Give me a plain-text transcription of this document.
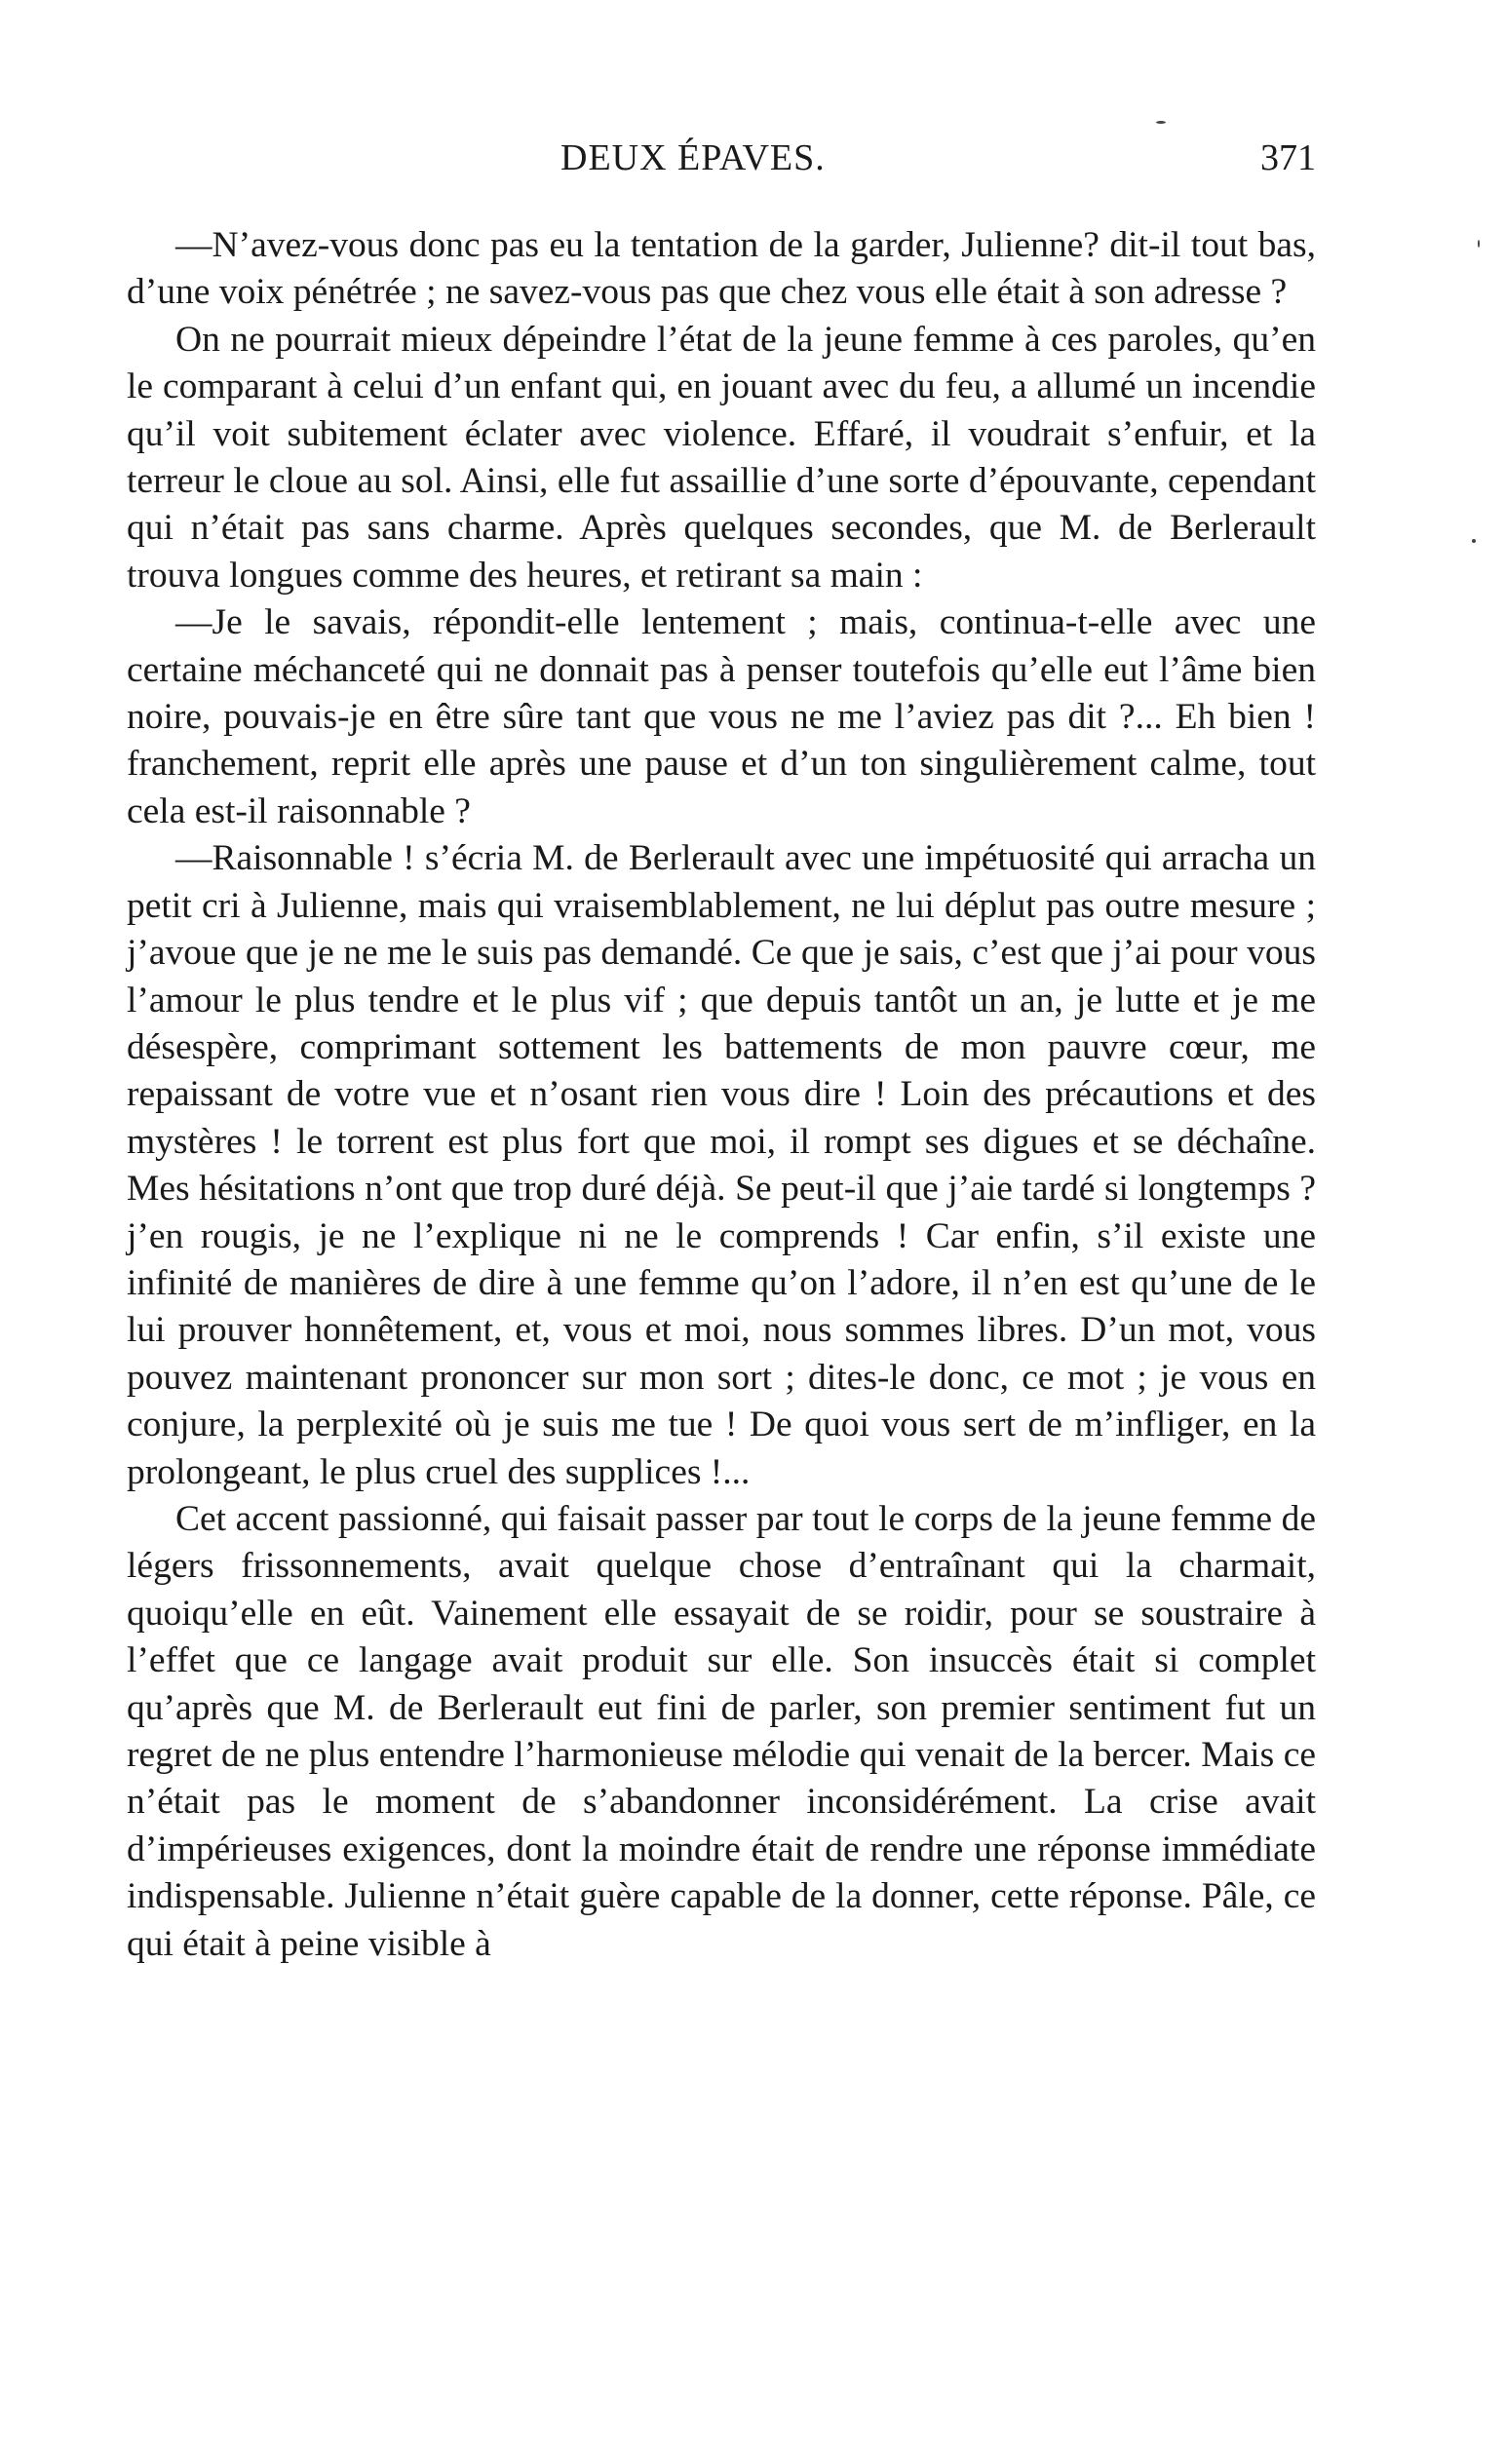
DEUX ÉPAVES.	371

—N’avez-vous donc pas eu la tentation de la garder, Julienne? dit-il tout bas, d’une voix pénétrée ; ne savez-vous pas que chez vous elle était à son adresse ?

On ne pourrait mieux dépeindre l’état de la jeune femme à ces paroles, qu’en le comparant à celui d’un enfant qui, en jouant avec du feu, a allumé un incendie qu’il voit subitement éclater avec violence. Effaré, il voudrait s’enfuir, et la terreur le cloue au sol. Ainsi, elle fut assaillie d’une sorte d’épouvante, cependant qui n’était pas sans charme. Après quelques secondes, que M. de Berlerault trouva longues comme des heures, et retirant sa main :

—Je le savais, répondit-elle lentement ; mais, continua-t-elle avec une certaine méchanceté qui ne donnait pas à penser toutefois qu’elle eut l’âme bien noire, pouvais-je en être sûre tant que vous ne me l’aviez pas dit ?... Eh bien ! franchement, reprit elle après une pause et d’un ton singulièrement calme, tout cela est-il raisonnable ?

—Raisonnable ! s’écria M. de Berlerault avec une impétuosité qui arracha un petit cri à Julienne, mais qui vraisemblablement, ne lui déplut pas outre mesure ; j’avoue que je ne me le suis pas demandé. Ce que je sais, c’est que j’ai pour vous l’amour le plus tendre et le plus vif ; que depuis tantôt un an, je lutte et je me désespère, comprimant sottement les battements de mon pauvre cœur, me repaissant de votre vue et n’osant rien vous dire ! Loin des précautions et des mystères ! le torrent est plus fort que moi, il rompt ses digues et se déchaîne. Mes hésitations n’ont que trop duré déjà. Se peut-il que j’aie tardé si longtemps ? j’en rougis, je ne l’explique ni ne le comprends ! Car enfin, s’il existe une infinité de manières de dire à une femme qu’on l’adore, il n’en est qu’une de le lui prouver honnêtement, et, vous et moi, nous sommes libres. D’un mot, vous pouvez maintenant prononcer sur mon sort ; dites-le donc, ce mot ; je vous en conjure, la perplexité où je suis me tue ! De quoi vous sert de m’infliger, en la prolongeant, le plus cruel des supplices !...

Cet accent passionné, qui faisait passer par tout le corps de la jeune femme de légers frissonnements, avait quelque chose d’entraînant qui la charmait, quoiqu’elle en eût. Vainement elle essayait de se roidir, pour se soustraire à l’effet que ce langage avait produit sur elle. Son insuccès était si complet qu’après que M. de Berlerault eut fini de parler, son premier sentiment fut un regret de ne plus entendre l’harmonieuse mélodie qui venait de la bercer. Mais ce n’était pas le moment de s’abandonner inconsidérément. La crise avait d’impérieuses exigences, dont la moindre était de rendre une réponse immédiate indispensable. Julienne n’était guère capable de la donner, cette réponse. Pâle, ce qui était à peine visible à
